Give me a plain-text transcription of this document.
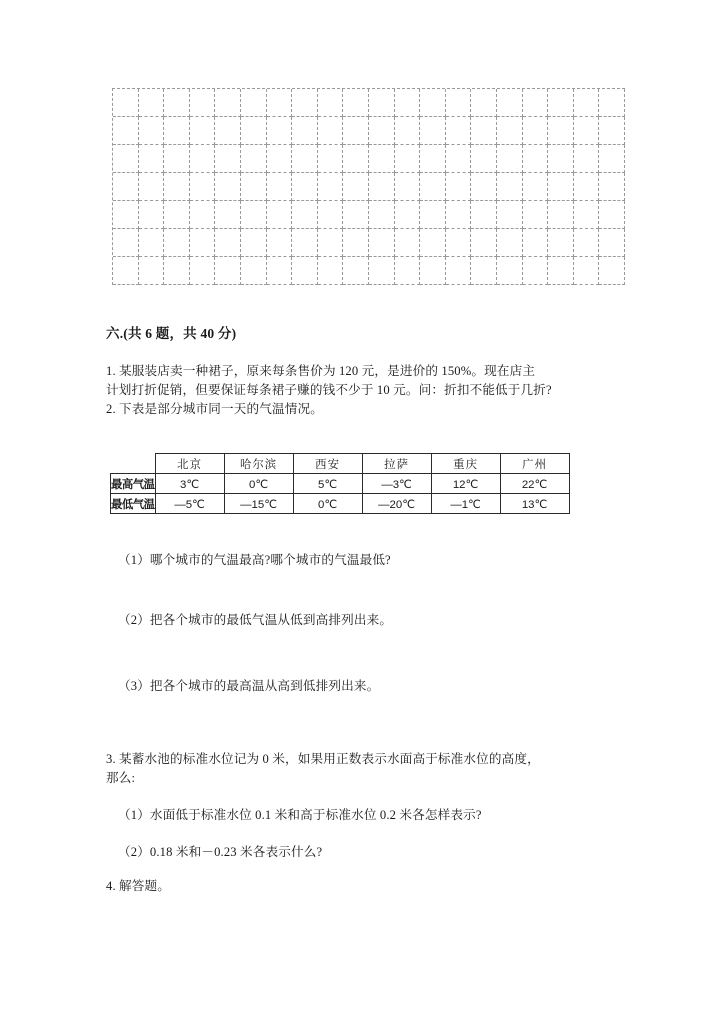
六.(共 6 题，共 40 分)
1. 某服装店卖一种裙子，原来每条售价为 120 元，是进价的 150%。现在店主
计划打折促销，但要保证每条裙子赚的钱不少于 10 元。问：折扣不能低于几折?
2. 下表是部分城市同一天的气温情况。
	北京	哈尔滨	西安	拉萨	重庆	广州
最高气温	3℃	0℃	5℃	—3℃	12℃	22℃
最低气温	—5℃	—15℃	0℃	—20℃	—1℃	13℃
（1）哪个城市的气温最高?哪个城市的气温最低?
（2）把各个城市的最低气温从低到高排列出来。
（3）把各个城市的最高温从高到低排列出来。
3. 某蓄水池的标准水位记为 0 米，如果用正数表示水面高于标准水位的高度，
那么:
（1）水面低于标准水位 0.1 米和高于标准水位 0.2 米各怎样表示?
（2）0.18 米和－0.23 米各表示什么?
4. 解答题。
